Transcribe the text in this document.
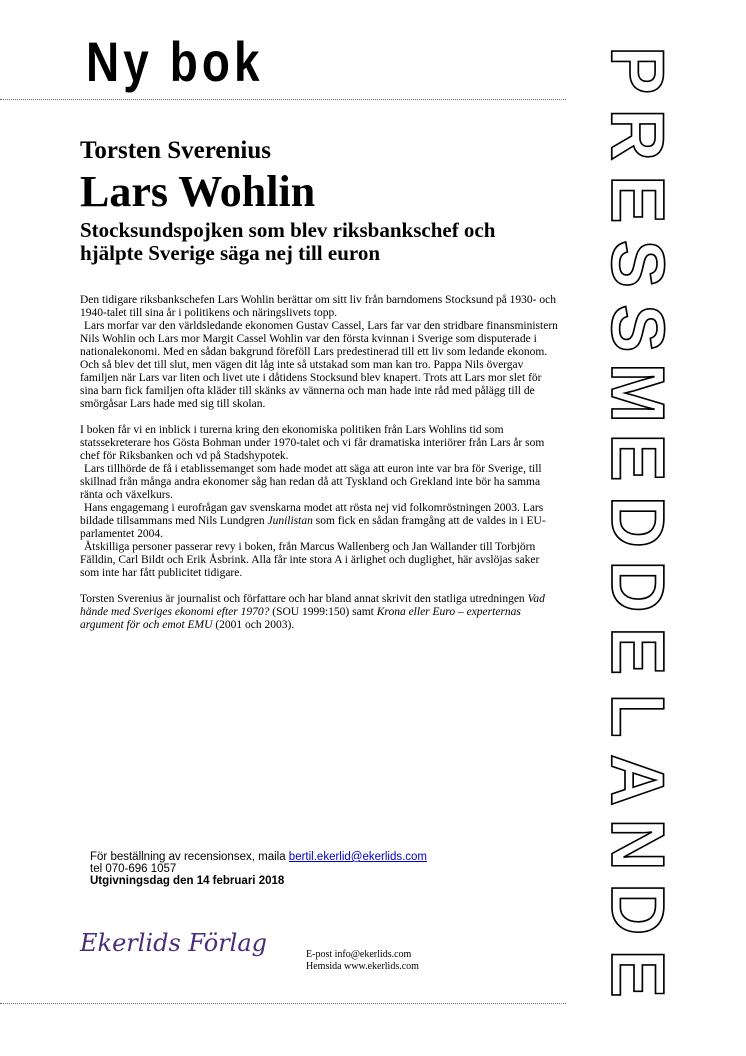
Ny bok	P
R
E
S
S
M
E
D
D
E
L
A
N
D
E
Torsten Sverenius
Lars Wohlin
Stocksundspojken som blev riksbankschef och hjälpte Sverige säga nej till euron

Den tidigare riksbankschefen Lars Wohlin berättar om sitt liv från barndomens Stocksund på 1930- och 1940-talet till sina år i politikens och näringslivets topp.

Lars morfar var den världsledande ekonomen Gustav Cassel, Lars far var den stridbare finansministern Nils Wohlin och Lars mor Margit Cassel Wohlin var den första kvinnan i Sverige som disputerade i nationalekonomi. Med en sådan bakgrund föreföll Lars predestinerad till ett liv som ledande ekonom. Och så blev det till slut, men vägen dit låg inte så utstakad som man kan tro. Pappa Nils övergav familjen när Lars var liten och livet ute i dåtidens Stocksund blev knapert. Trots att Lars mor slet för sina barn fick familjen ofta kläder till skänks av vännerna och man hade inte råd med pålägg till de smörgåsar Lars hade med sig till skolan.

I boken får vi en inblick i turerna kring den ekonomiska politiken från Lars Wohlins tid som statssekreterare hos Gösta Bohman under 1970-talet och vi får dramatiska interiörer från Lars år som chef för Riksbanken och vd på Stadshypotek.

Lars tillhörde de få i etablissemanget som hade modet att säga att euron inte var bra för Sverige, till skillnad från många andra ekonomer såg han redan då att Tyskland och Grekland inte bör ha samma ränta och växelkurs.

Hans engagemang i eurofrågan gav svenskarna modet att rösta nej vid folkomröstningen 2003. Lars bildade tillsammans med Nils Lundgren Junilistan som fick en sådan framgång att de valdes in i EU-parlamentet 2004.

Åtskilliga personer passerar revy i boken, från Marcus Wallenberg och Jan Wallander till Torbjörn Fälldin, Carl Bildt och Erik Åsbrink. Alla får inte stora A i ärlighet och duglighet, här avslöjas saker som inte har fått publicitet tidigare.

Torsten Sverenius är journalist och författare och har bland annat skrivit den statliga utredningen Vad hände med Sveriges ekonomi efter 1970? (SOU 1999:150) samt Krona eller Euro – experternas argument för och emot EMU (2001 och 2003).

För beställning av recensionsex, maila bertil.ekerlid@ekerlids.com
tel 070-696 1057
Utgivningsdag den 14 februari 2018
Ekerlids Förlag	E-post info@ekerlids.com
Hemsida www.ekerlids.com
